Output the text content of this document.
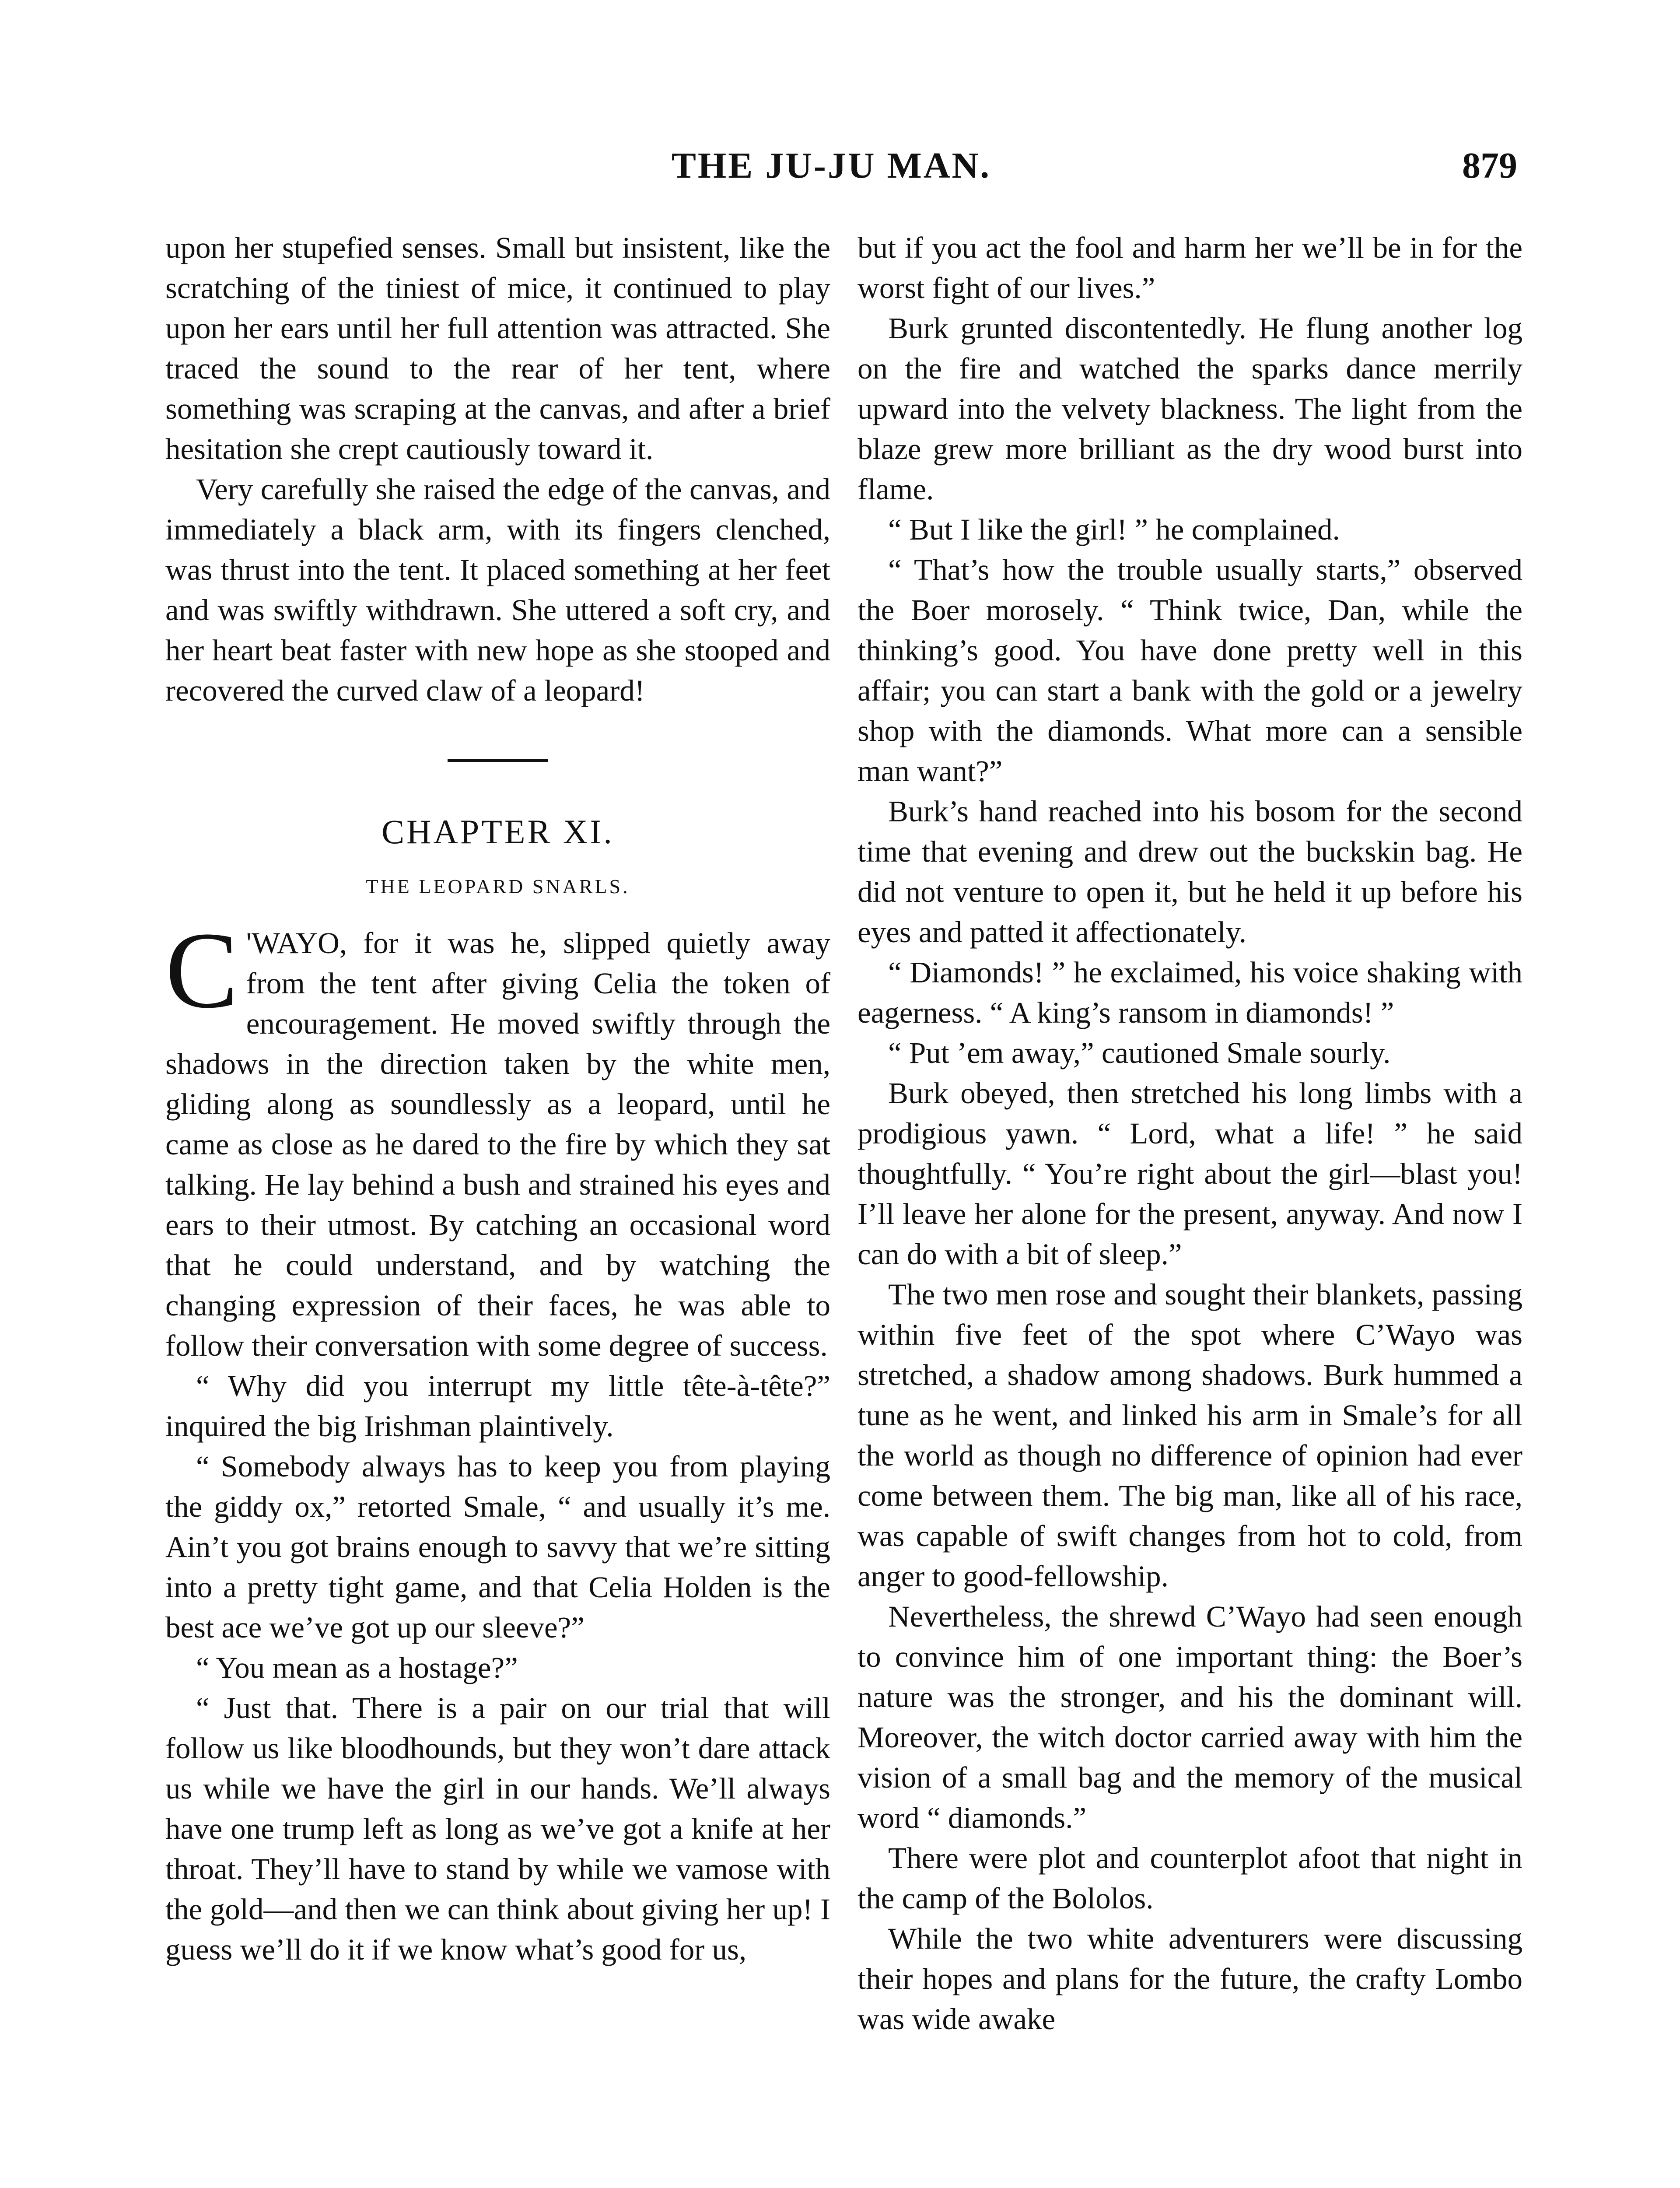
THE JU-JU MAN.	879

upon her stupefied senses. Small but insistent, like the scratching of the tiniest of mice, it continued to play upon her ears until her full attention was attracted. She traced the sound to the rear of her tent, where something was scraping at the canvas, and after a brief hesitation she crept cautiously toward it.

Very carefully she raised the edge of the canvas, and immediately a black arm, with its fingers clenched, was thrust into the tent. It placed something at her feet and was swiftly withdrawn. She uttered a soft cry, and her heart beat faster with new hope as she stooped and recovered the curved claw of a leopard!

CHAPTER XI.
THE LEOPARD SNARLS.

C 'WAYO, for it was he, slipped quietly away from the tent after giving Celia the token of encouragement. He moved swiftly through the shadows in the direction taken by the white men, gliding along as soundlessly as a leopard, until he came as close as he dared to the fire by which they sat talking. He lay behind a bush and strained his eyes and ears to their utmost. By catching an occasional word that he could understand, and by watching the changing expression of their faces, he was able to follow their conversation with some degree of success.

“ Why did you interrupt my little tête-à-tête?” inquired the big Irishman plaintively.

“ Somebody always has to keep you from playing the giddy ox,” retorted Smale, “ and usually it’s me. Ain’t you got brains enough to savvy that we’re sitting into a pretty tight game, and that Celia Holden is the best ace we’ve got up our sleeve?”

“ You mean as a hostage?”

“ Just that. There is a pair on our trial that will follow us like bloodhounds, but they won’t dare attack us while we have the girl in our hands. We’ll always have one trump left as long as we’ve got a knife at her throat. They’ll have to stand by while we vamose with the gold—and then we can think about giving her up! I guess we’ll do it if we know what’s good for us,

but if you act the fool and harm her we’ll be in for the worst fight of our lives.”

Burk grunted discontentedly. He flung another log on the fire and watched the sparks dance merrily upward into the velvety blackness. The light from the blaze grew more brilliant as the dry wood burst into flame.

“ But I like the girl! ” he complained.

“ That’s how the trouble usually starts,” observed the Boer morosely. “ Think twice, Dan, while the thinking’s good. You have done pretty well in this affair; you can start a bank with the gold or a jewelry shop with the diamonds. What more can a sensible man want?”

Burk’s hand reached into his bosom for the second time that evening and drew out the buckskin bag. He did not venture to open it, but he held it up before his eyes and patted it affectionately.

“ Diamonds! ” he exclaimed, his voice shaking with eagerness. “ A king’s ransom in diamonds! ”

“ Put ’em away,” cautioned Smale sourly.

Burk obeyed, then stretched his long limbs with a prodigious yawn. “ Lord, what a life! ” he said thoughtfully. “ You’re right about the girl—blast you! I’ll leave her alone for the present, anyway. And now I can do with a bit of sleep.”

The two men rose and sought their blankets, passing within five feet of the spot where C’Wayo was stretched, a shadow among shadows. Burk hummed a tune as he went, and linked his arm in Smale’s for all the world as though no difference of opinion had ever come between them. The big man, like all of his race, was capable of swift changes from hot to cold, from anger to good-fellowship.

Nevertheless, the shrewd C’Wayo had seen enough to convince him of one important thing: the Boer’s nature was the stronger, and his the dominant will. Moreover, the witch doctor carried away with him the vision of a small bag and the memory of the musical word “ diamonds.”

There were plot and counterplot afoot that night in the camp of the Bololos.

While the two white adventurers were discussing their hopes and plans for the future, the crafty Lombo was wide awake
